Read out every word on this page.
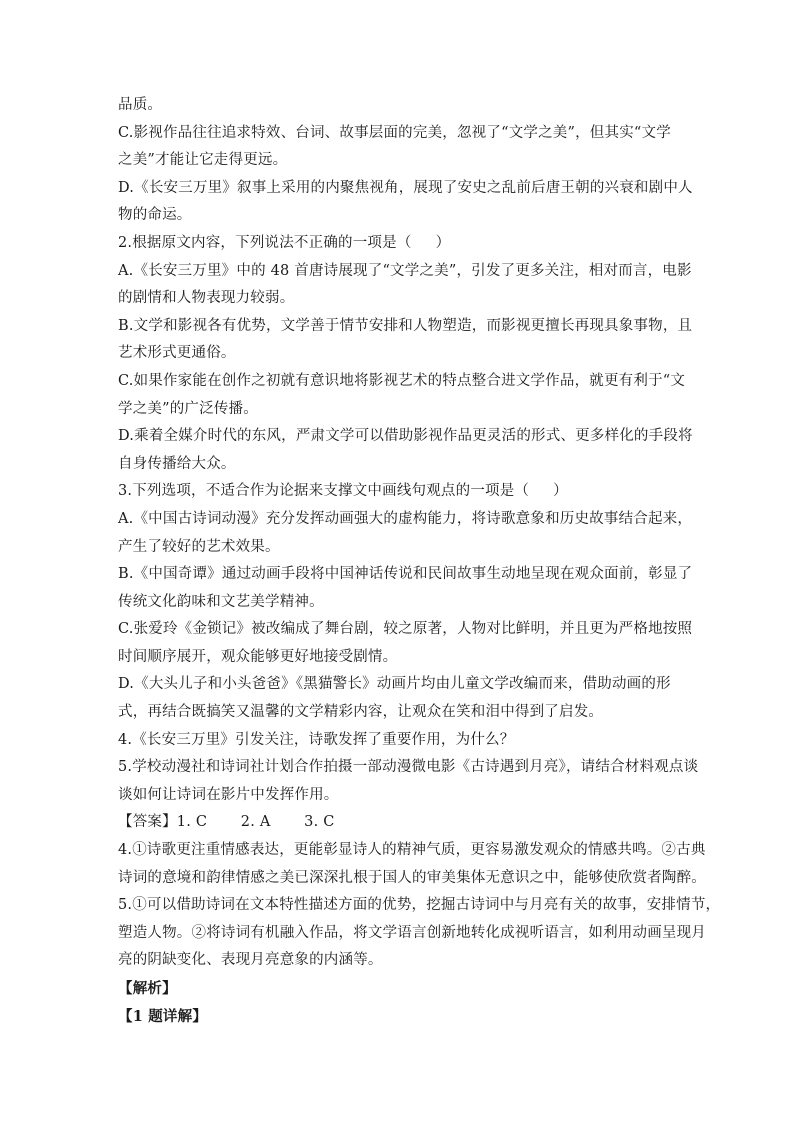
品质。
C.影视作品往往追求特效、台词、故事层面的完美，忽视了“文学之美”，但其实“文学
之美”才能让它走得更远。
D.《长安三万里》叙事上采用的内聚焦视角，展现了安史之乱前后唐王朝的兴衰和剧中人
物的命运。
2.根据原文内容，下列说法不正确的一项是（     ）
A.《长安三万里》中的 48 首唐诗展现了“文学之美”，引发了更多关注，相对而言，电影
的剧情和人物表现力较弱。
B.文学和影视各有优势，文学善于情节安排和人物塑造，而影视更擅长再现具象事物，且
艺术形式更通俗。
C.如果作家能在创作之初就有意识地将影视艺术的特点整合进文学作品，就更有利于“文
学之美”的广泛传播。
D.乘着全媒介时代的东风，严肃文学可以借助影视作品更灵活的形式、更多样化的手段将
自身传播给大众。
3.下列选项，不适合作为论据来支撑文中画线句观点的一项是（     ）
A.《中国古诗词动漫》充分发挥动画强大的虚构能力，将诗歌意象和历史故事结合起来，
产生了较好的艺术效果。
B.《中国奇谭》通过动画手段将中国神话传说和民间故事生动地呈现在观众面前，彰显了
传统文化韵味和文艺美学精神。
C.张爱玲《金锁记》被改编成了舞台剧，较之原著，人物对比鲜明，并且更为严格地按照
时间顺序展开，观众能够更好地接受剧情。
D.《大头儿子和小头爸爸》《黑猫警长》动画片均由儿童文学改编而来，借助动画的形
式，再结合既搞笑又温馨的文学精彩内容，让观众在笑和泪中得到了启发。
4.《长安三万里》引发关注，诗歌发挥了重要作用，为什么？
5.学校动漫社和诗词社计划合作拍摄一部动漫微电影《古诗遇到月亮》，请结合材料观点谈
谈如何让诗词在影片中发挥作用。
【答案】1. C       2. A       3. C
4.①诗歌更注重情感表达，更能彰显诗人的精神气质，更容易激发观众的情感共鸣。②古典
诗词的意境和韵律情感之美已深深扎根于国人的审美集体无意识之中，能够使欣赏者陶醉。
5.①可以借助诗词在文本特性描述方面的优势，挖掘古诗词中与月亮有关的故事，安排情节，
塑造人物。②将诗词有机融入作品，将文学语言创新地转化成视听语言，如利用动画呈现月
亮的阴缺变化、表现月亮意象的内涵等。
【解析】
【1 题详解】
